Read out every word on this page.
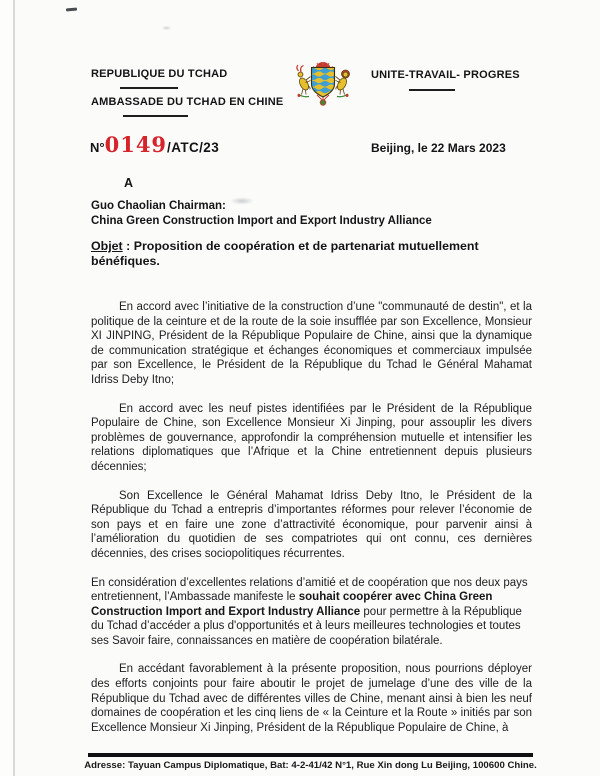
REPUBLIQUE DU TCHAD
AMBASSADE DU TCHAD EN CHINE
UNITE-TRAVAIL- PROGRES
N° 0149 /ATC/23	Beijing, le 22 Mars 2023
A
Guo Chaolian Chairman:
China Green Construction Import and Export Industry Alliance
Objet : Proposition de coopération et de partenariat mutuellement bénéfiques.

En accord avec l’initiative de la construction d’une "communauté de destin", et la politique de la ceinture et de la route de la soie insufflée par son Excellence, Monsieur XI JINPING, Président de la République Populaire de Chine, ainsi que la dynamique de communication stratégique et échanges économiques et commerciaux impulsée par son Excellence, le Président de la République du Tchad le Général Mahamat Idriss Deby Itno;

En accord avec les neuf pistes identifiées par le Président de la République Populaire de Chine, son Excellence Monsieur Xi Jinping, pour assouplir les divers problèmes de gouvernance, approfondir la compréhension mutuelle et intensifier les relations diplomatiques que l’Afrique et la Chine entretiennent depuis plusieurs décennies;

Son Excellence le Général Mahamat Idriss Deby Itno, le Président de la République du Tchad a entrepris d’importantes réformes pour relever l’économie de son pays et en faire une zone d’attractivité économique, pour parvenir ainsi à l’amélioration du quotidien de ses compatriotes qui ont connu, ces dernières décennies, des crises sociopolitiques récurrentes.

En considération d’excellentes relations d’amitié et de coopération que nos deux pays entretiennent, l’Ambassade manifeste le souhait coopérer avec China Green Construction Import and Export Industry Alliance pour permettre à la République du Tchad d’accéder a plus d'opportunités et à leurs meilleures technologies et toutes ses Savoir faire, connaissances en matière de coopération bilatérale.

En accédant favorablement à la présente proposition, nous pourrions déployer des efforts conjoints pour faire aboutir le projet de jumelage d’une des ville de la République du Tchad avec de différentes villes de Chine, menant ainsi à bien les neuf domaines de coopération et les cinq liens de « la Ceinture et la Route » initiés par son Excellence Monsieur Xi Jinping, Président de la République Populaire de Chine, à

Adresse: Tayuan Campus Diplomatique, Bat: 4-2-41/42 N°1, Rue Xin dong Lu Beijing, 100600 Chine.
